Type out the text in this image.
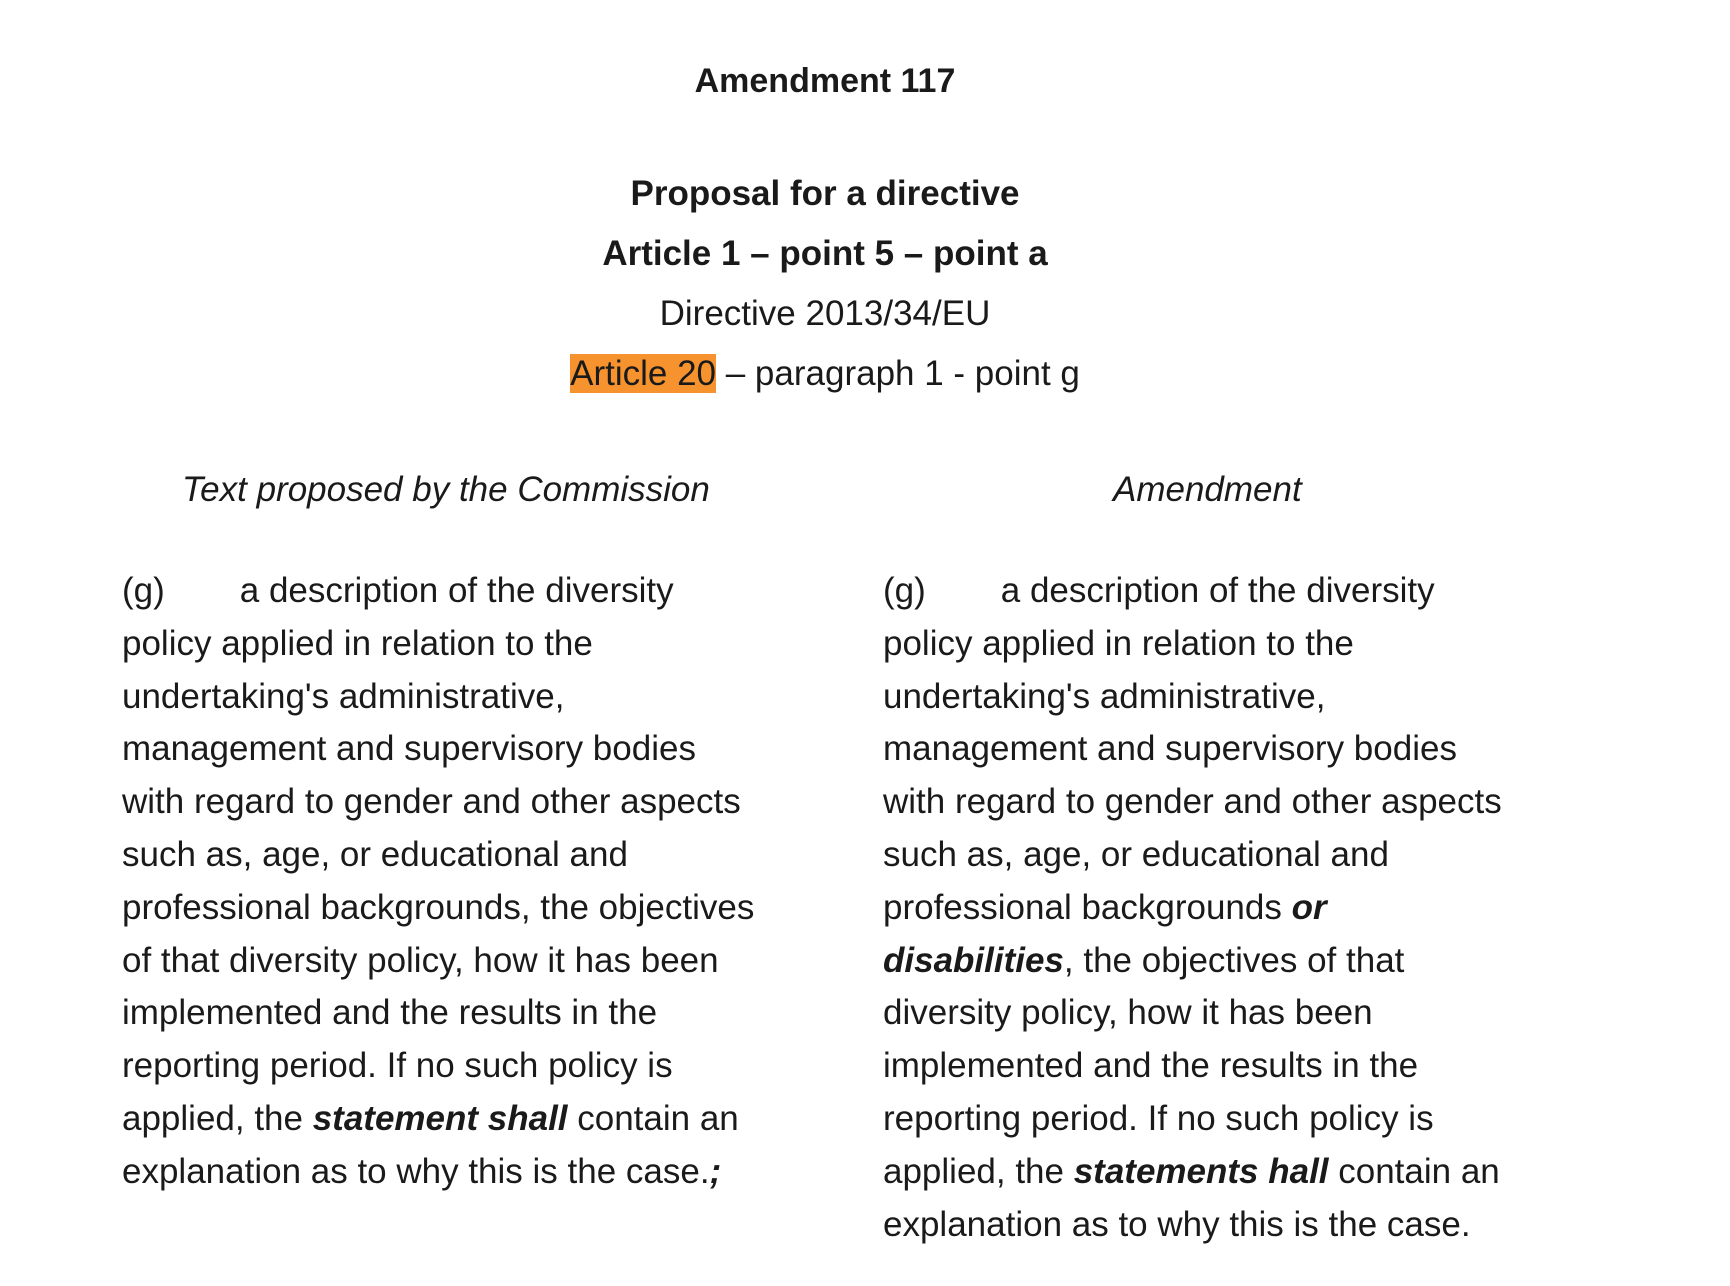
Amendment 117
Proposal for a directive
Article 1 – point 5 – point a
Directive 2013/34/EU
Article 20 – paragraph 1 - point g
Text proposed by the Commission	Amendment
(g) a description of the diversity
policy applied in relation to the
undertaking's administrative,
management and supervisory bodies
with regard to gender and other aspects
such as, age, or educational and
professional backgrounds, the objectives
of that diversity policy, how it has been
implemented and the results in the
reporting period. If no such policy is
applied, the statement shall contain an
explanation as to why this is the case.;
(g) a description of the diversity
policy applied in relation to the
undertaking's administrative,
management and supervisory bodies
with regard to gender and other aspects
such as, age, or educational and
professional backgrounds or
disabilities, the objectives of that
diversity policy, how it has been
implemented and the results in the
reporting period. If no such policy is
applied, the statements hall contain an
explanation as to why this is the case.
